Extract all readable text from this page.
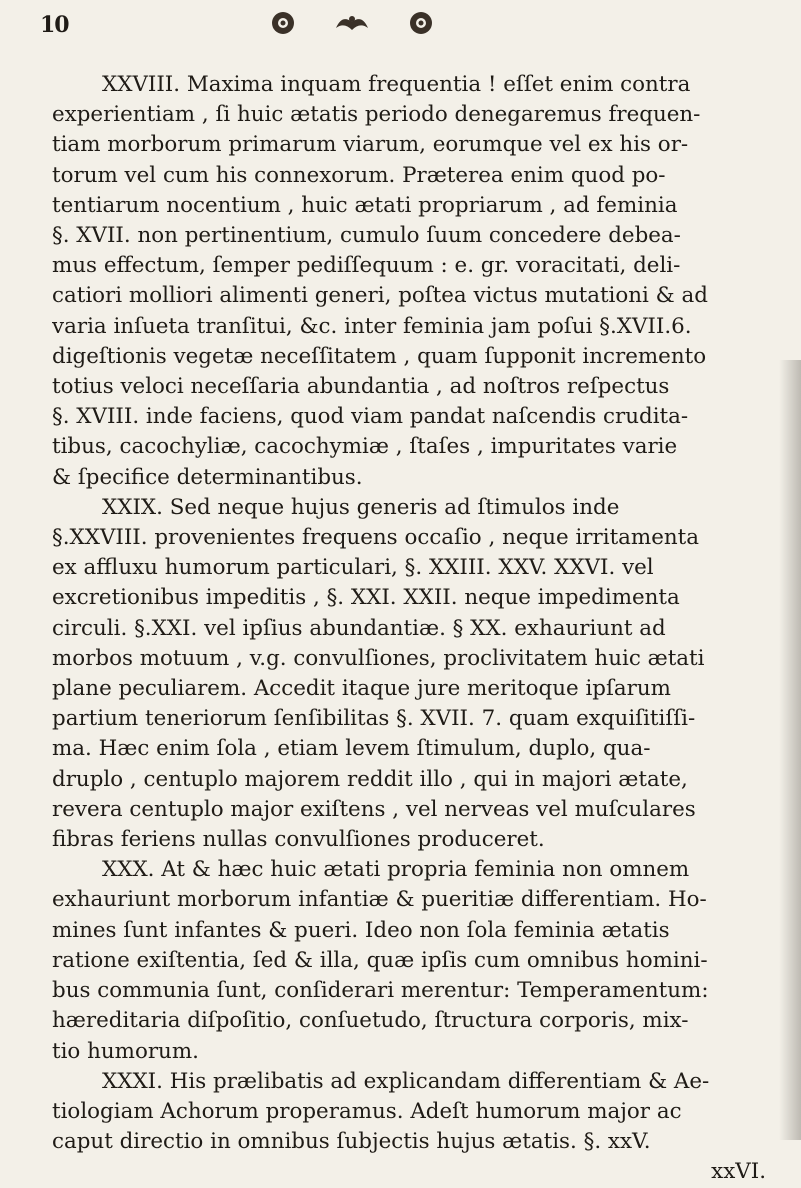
10
XXVIII. Maxima inquam frequentia ! eſſet enim contra
experientiam , ſi huic ætatis periodo denegaremus frequen-
tiam morborum primarum viarum, eorumque vel ex his or-
torum vel cum his connexorum. Præterea enim quod po-
tentiarum nocentium , huic ætati propriarum , ad feminia
§. XVII. non pertinentium, cumulo ſuum concedere debea-
mus effectum, ſemper pediſſequum : e. gr. voracitati, deli-
catiori molliori alimenti generi, poſtea victus mutationi & ad
varia inſueta tranſitui, &c. inter feminia jam poſui §.XVII.6.
digeſtionis vegetæ neceſſitatem , quam ſupponit incremento
totius veloci neceſſaria abundantia , ad noſtros reſpectus
§. XVIII. inde faciens, quod viam pandat naſcendis crudita-
tibus, cacochyliæ, cacochymiæ , ſtaſes , impuritates varie
& ſpecifice determinantibus.
XXIX. Sed neque hujus generis ad ſtimulos inde
§.XXVIII. provenientes frequens occaſio , neque irritamenta
ex affluxu humorum particulari, §. XXIII. XXV. XXVI. vel
excretionibus impeditis , §. XXI. XXII. neque impedimenta
circuli. §.XXI. vel ipſius abundantiæ. § XX. exhauriunt ad
morbos motuum , v.g. convulſiones, proclivitatem huic ætati
plane peculiarem. Accedit itaque jure meritoque ipſarum
partium teneriorum ſenſibilitas §. XVII. 7. quam exquiſitiſſi-
ma. Hæc enim ſola , etiam levem ſtimulum, duplo, qua-
druplo , centuplo majorem reddit illo , qui in majori ætate,
revera centuplo major exiſtens , vel nerveas vel muſculares
fibras feriens nullas convulſiones produceret.
XXX. At & hæc huic ætati propria feminia non omnem
exhauriunt morborum infantiæ & pueritiæ differentiam. Ho-
mines ſunt infantes & pueri. Ideo non ſola feminia ætatis
ratione exiſtentia, ſed & illa, quæ ipſis cum omnibus homini-
bus communia ſunt, conſiderari merentur: Temperamentum:
hæreditaria diſpoſitio, conſuetudo, ſtructura corporis, mix-
tio humorum.
XXXI. His prælibatis ad explicandam differentiam & Ae-
tiologiam Achorum properamus. Adeſt humorum major ac
caput directio in omnibus ſubjectis hujus ætatis. §. xxV.
xxVI.
